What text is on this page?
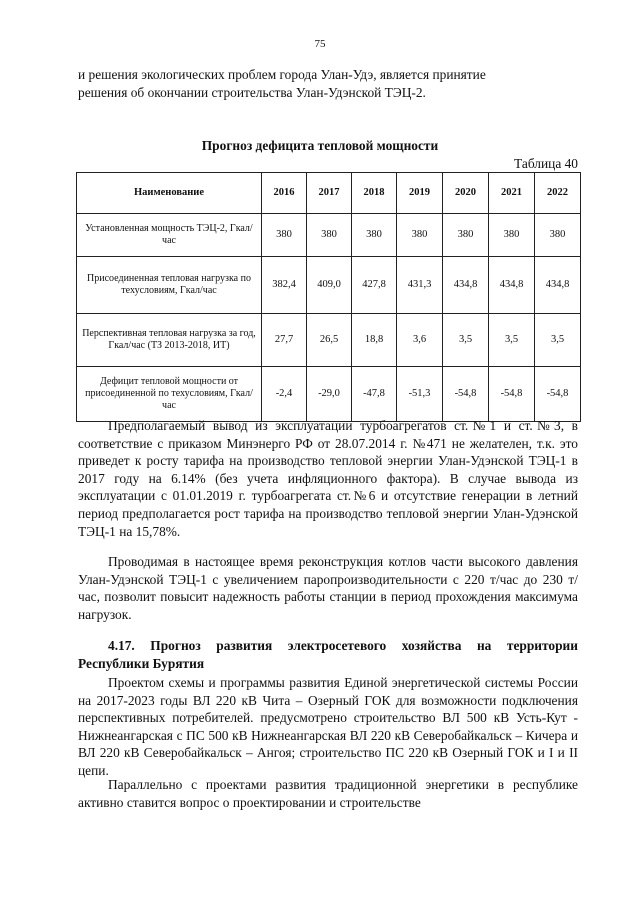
75

и решения экологических проблем города Улан-Удэ, является принятие

решения об окончании строительства Улан-Удэнской ТЭЦ-2.

Прогноз дефицита тепловой мощности
Таблица 40
Наименование	2016	2017	2018	2019	2020	2021	2022
Установленная мощность ТЭЦ-2, Гкал/час	380	380	380	380	380	380	380
Присоединенная тепловая нагрузка по техусловиям, Гкал/час	382,4	409,0	427,8	431,3	434,8	434,8	434,8
Перспективная тепловая нагрузка за год, Гкал/час (ТЗ 2013-2018, ИТ)	27,7	26,5	18,8	3,6	3,5	3,5	3,5
Дефицит тепловой мощности от присоединенной по техусловиям, Гкал/час	-2,4	-29,0	-47,8	-51,3	-54,8	-54,8	-54,8

Предполагаемый вывод из эксплуатации турбоагрегатов ст.№1 и ст.№3, в соответствие с приказом Минэнерго РФ от 28.07.2014 г. №471 не желателен, т.к. это приведет к росту тарифа на производство тепловой энергии Улан-Удэнской ТЭЦ-1 в 2017 году на 6.14% (без учета инфляционного фактора). В случае вывода из эксплуатации с 01.01.2019 г. турбоагрегата ст.№6 и отсутствие генерации в летний период предполагается рост тарифа на производство тепловой энергии Улан-Удэнской ТЭЦ-1 на 15,78%.

Проводимая в настоящее время реконструкция котлов части высокого давления Улан-Удэнской ТЭЦ-1 с увеличением паропроизводительности с 220 т/час до 230 т/час, позволит повысит надежность работы станции в период прохождения максимума нагрузок.

4.17. Прогноз развития электросетевого хозяйства на территории Республики Бурятия

Проектом схемы и программы развития Единой энергетической системы России на 2017-2023 годы ВЛ 220 кВ Чита – Озерный ГОК для возможности подключения перспективных потребителей. предусмотрено строительство ВЛ 500 кВ Усть-Кут - Нижнеангарская с ПС 500 кВ Нижнеангарская ВЛ 220 кВ Северобайкальск – Кичера и ВЛ 220 кВ Северобайкальск – Ангоя; строительство ПС 220 кВ Озерный ГОК и I и II цепи.

Параллельно с проектами развития традиционной энергетики в республике активно ставится вопрос о проектировании и строительстве
